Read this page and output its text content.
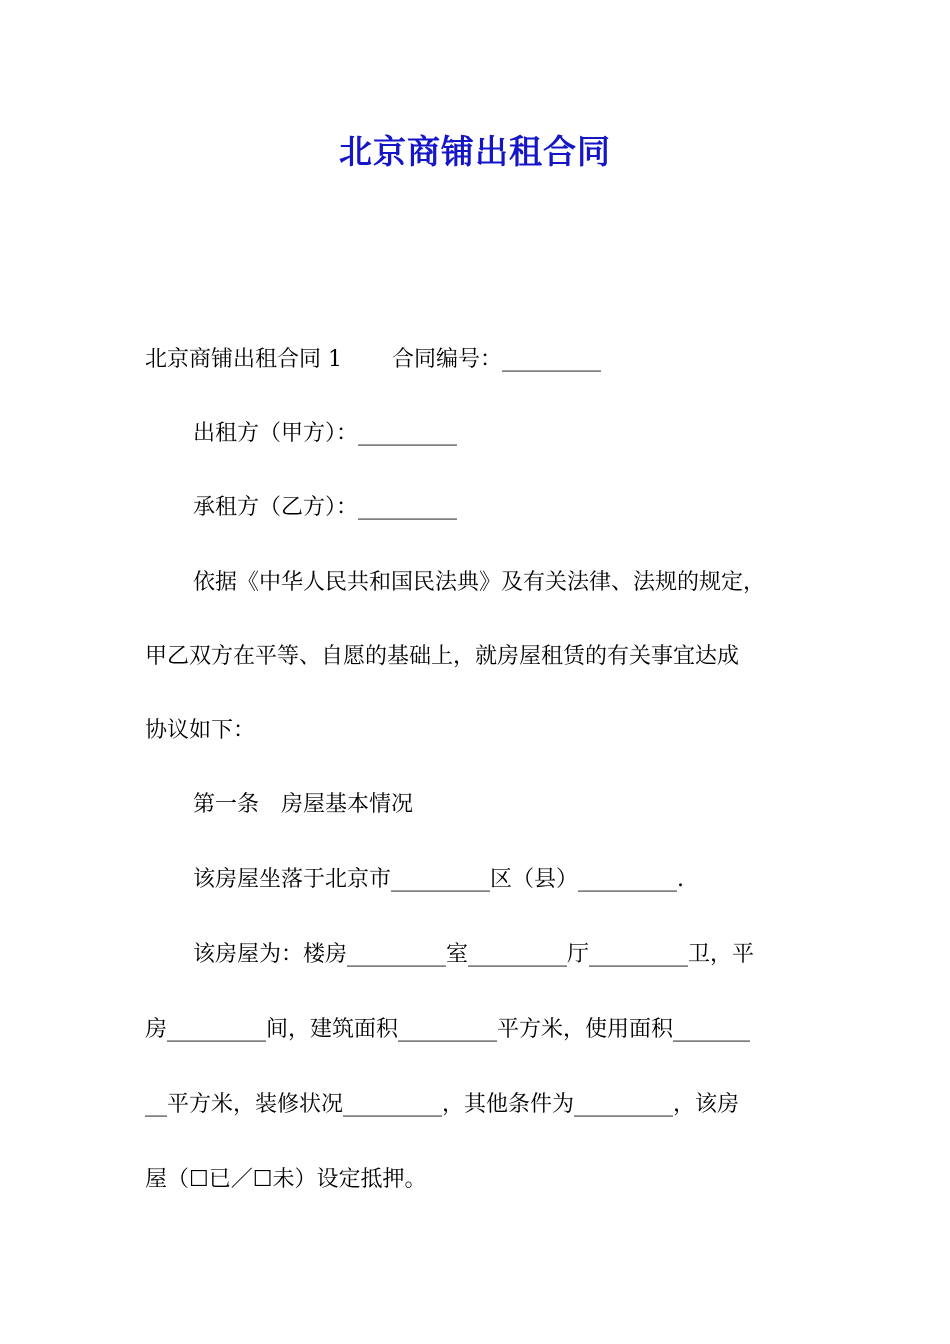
北京商铺出租合同
北京商铺出租合同 1 合同编号：_________
出租方（甲方）：_________
承租方（乙方）：_________
依据《中华人民共和国民法典》及有关法律、法规的规定，
甲乙双方在平等、自愿的基础上，就房屋租赁的有关事宜达成
协议如下：
第一条　房屋基本情况
该房屋坐落于北京市_________区（县）_________.
该房屋为：楼房_________室_________厅_________卫，平
房_________间，建筑面积_________平方米，使用面积_______
__平方米，装修状况_________，其他条件为_________，该房
屋（☐已／☐未）设定抵押。
